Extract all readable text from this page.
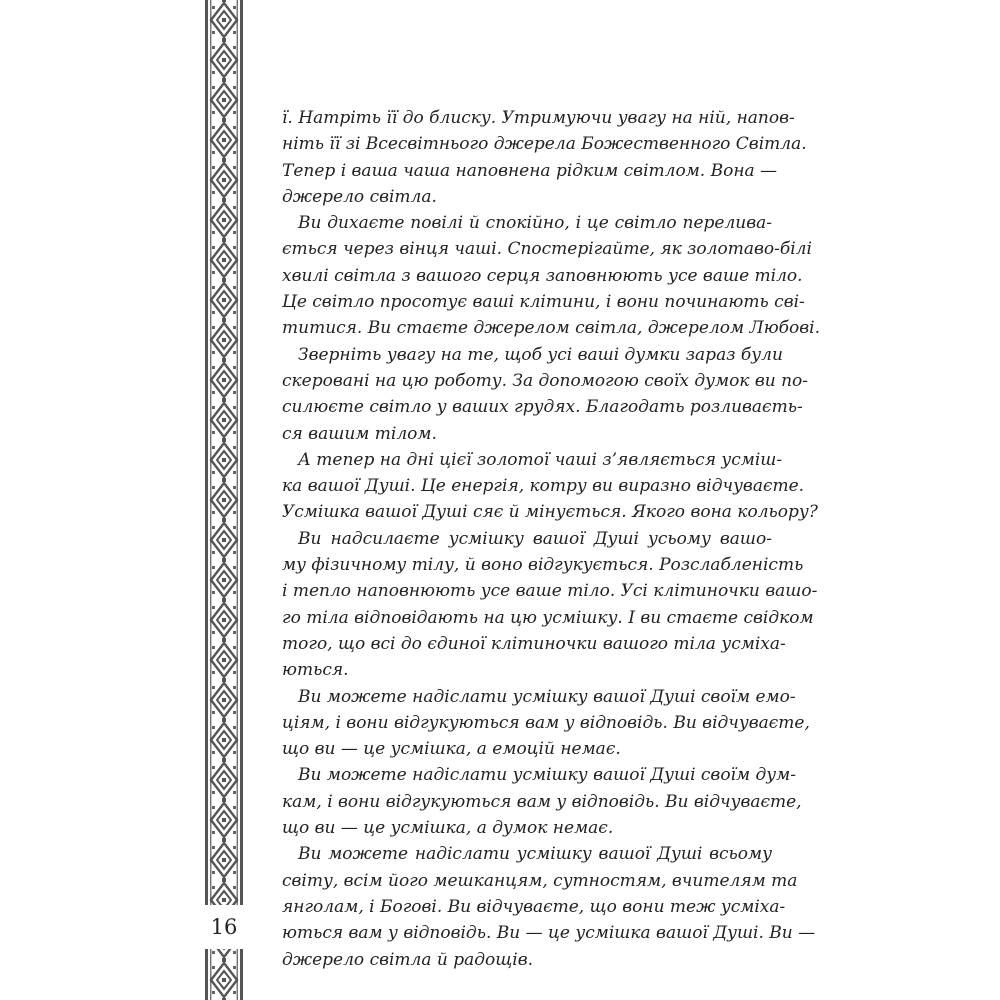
16

ї. Натріть її до блиску. Утримуючи увагу на ній, напов-
ніть її зі Всесвітнього джерела Божественного Світла.
Тепер і ваша чаша наповнена рідким світлом. Вона —
джерело світла.

Ви дихаєте повілі й спокійно, і це світло перелива-
ється через вінця чаші. Спостерігайте, як золотаво-білі
хвилі світла з вашого серця заповнюють усе ваше тіло.
Це світло просотує ваші клітини, і вони починають сві-
титися. Ви стаєте джерелом світла, джерелом Любові.

Зверніть увагу на те, щоб усі ваші думки зараз були
скеровані на цю роботу. За допомогою своїх думок ви по-
силюєте світло у ваших грудях. Благодать розливаєть-
ся вашим тілом.

А тепер на дні цієї золотої чаші з’являється усміш-
ка вашої Душі. Це енергія, котру ви виразно відчуваєте.
Усмішка вашої Душі сяє й мінується. Якого вона кольору?

Ви надсилаєте усмішку вашої Душі усьому вашо-
му фізичному тілу, й воно відгукується. Розслабленість
і тепло наповнюють усе ваше тіло. Усі клітиночки вашо-
го тіла відповідають на цю усмішку. І ви стаєте свідком
того, що всі до єдиної клітиночки вашого тіла усміха-
ються.

Ви можете надіслати усмішку вашої Душі своїм емо-
ціям, і вони відгукуються вам у відповідь. Ви відчуваєте,
що ви — це усмішка, а емоцій немає.

Ви можете надіслати усмішку вашої Душі своїм дум-
кам, і вони відгукуються вам у відповідь. Ви відчуваєте,
що ви — це усмішка, а думок немає.

Ви можете надіслати усмішку вашої Душі всьому
світу, всім його мешканцям, сутностям, вчителям та
янголам, і Богові. Ви відчуваєте, що вони теж усміха-
ються вам у відповідь. Ви — це усмішка вашої Душі. Ви —
джерело світла й радощів.
